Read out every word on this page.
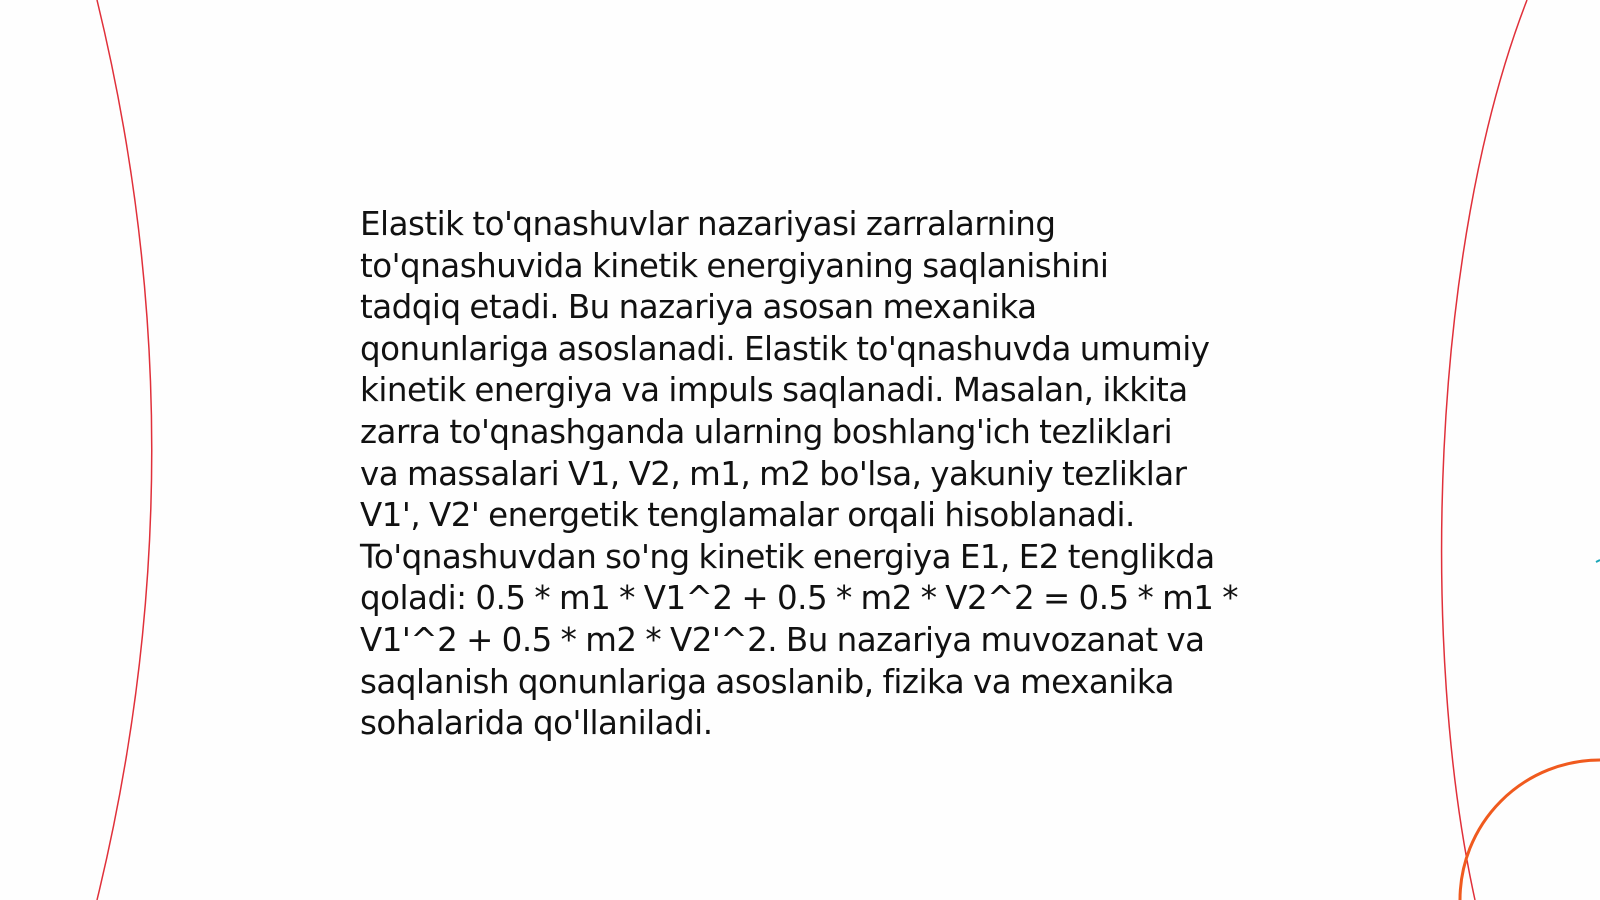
Elastik to'qnashuvlar nazariyasi zarralarning
to'qnashuvida kinetik energiyaning saqlanishini
tadqiq etadi. Bu nazariya asosan mexanika
qonunlariga asoslanadi. Elastik to'qnashuvda umumiy
kinetik energiya va impuls saqlanadi. Masalan, ikkita
zarra to'qnashganda ularning boshlang'ich tezliklari
va massalari V1, V2, m1, m2 bo'lsa, yakuniy tezliklar
V1', V2' energetik tenglamalar orqali hisoblanadi.
To'qnashuvdan so'ng kinetik energiya E1, E2 tenglikda
qoladi: 0.5 * m1 * V1^2 + 0.5 * m2 * V2^2 = 0.5 * m1 *
V1'^2 + 0.5 * m2 * V2'^2. Bu nazariya muvozanat va
saqlanish qonunlariga asoslanib, fizika va mexanika
sohalarida qo'llaniladi.
